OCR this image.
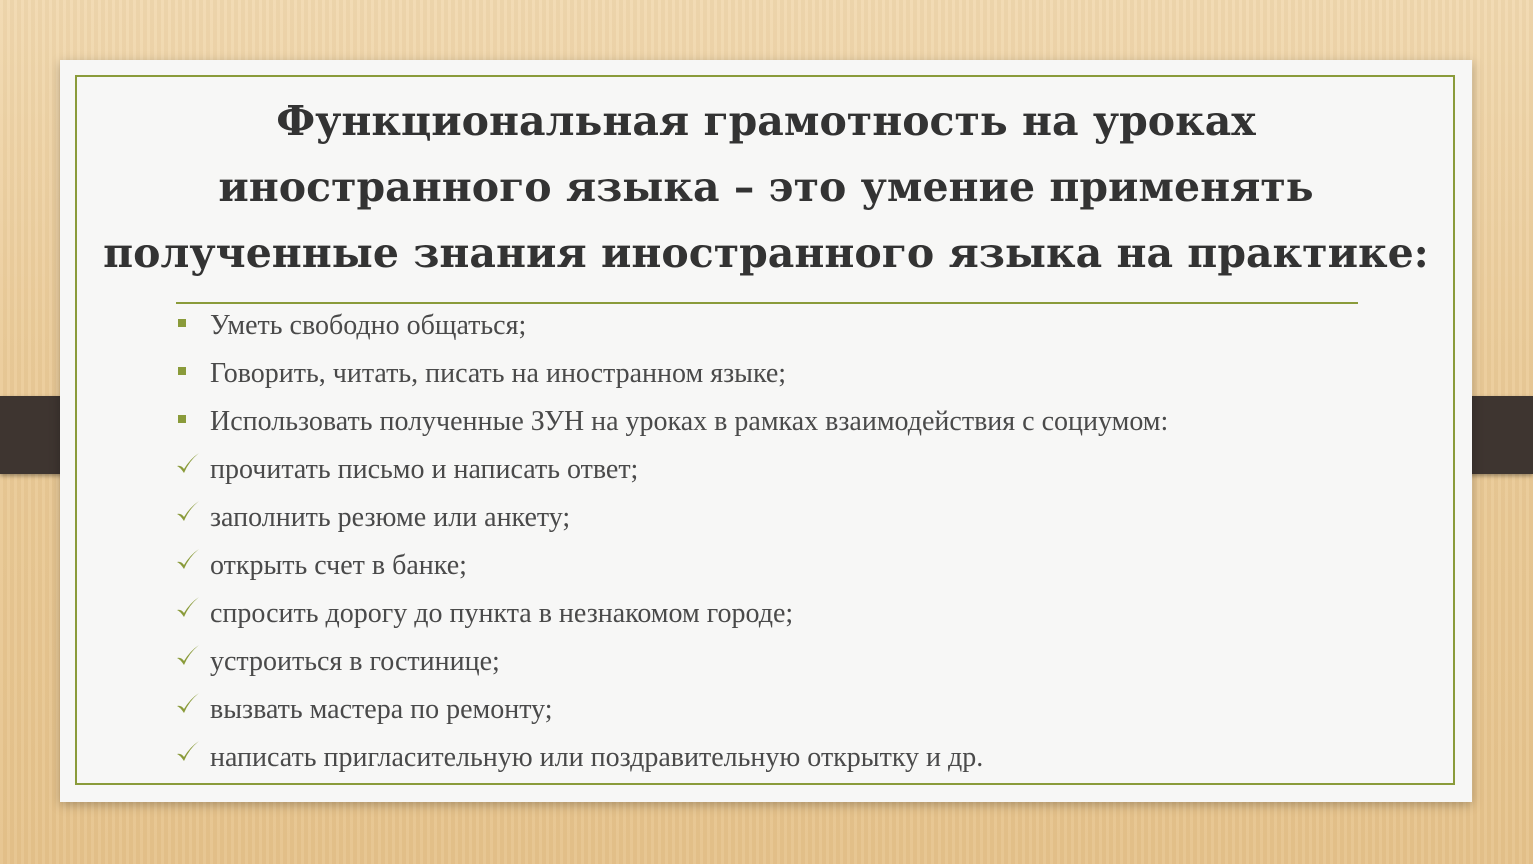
Функциональная грамотность на уроках
иностранного языка – это умение применять
полученные знания иностранного языка на практике:
Уметь свободно общаться;
Говорить, читать, писать на иностранном языке;
Использовать полученные ЗУН на уроках в рамках взаимодействия с социумом:
прочитать письмо и написать ответ;
заполнить резюме или анкету;
открыть счет в банке;
спросить дорогу до пункта в незнакомом городе;
устроиться в гостинице;
вызвать мастера по ремонту;
написать пригласительную или поздравительную открытку и др.
